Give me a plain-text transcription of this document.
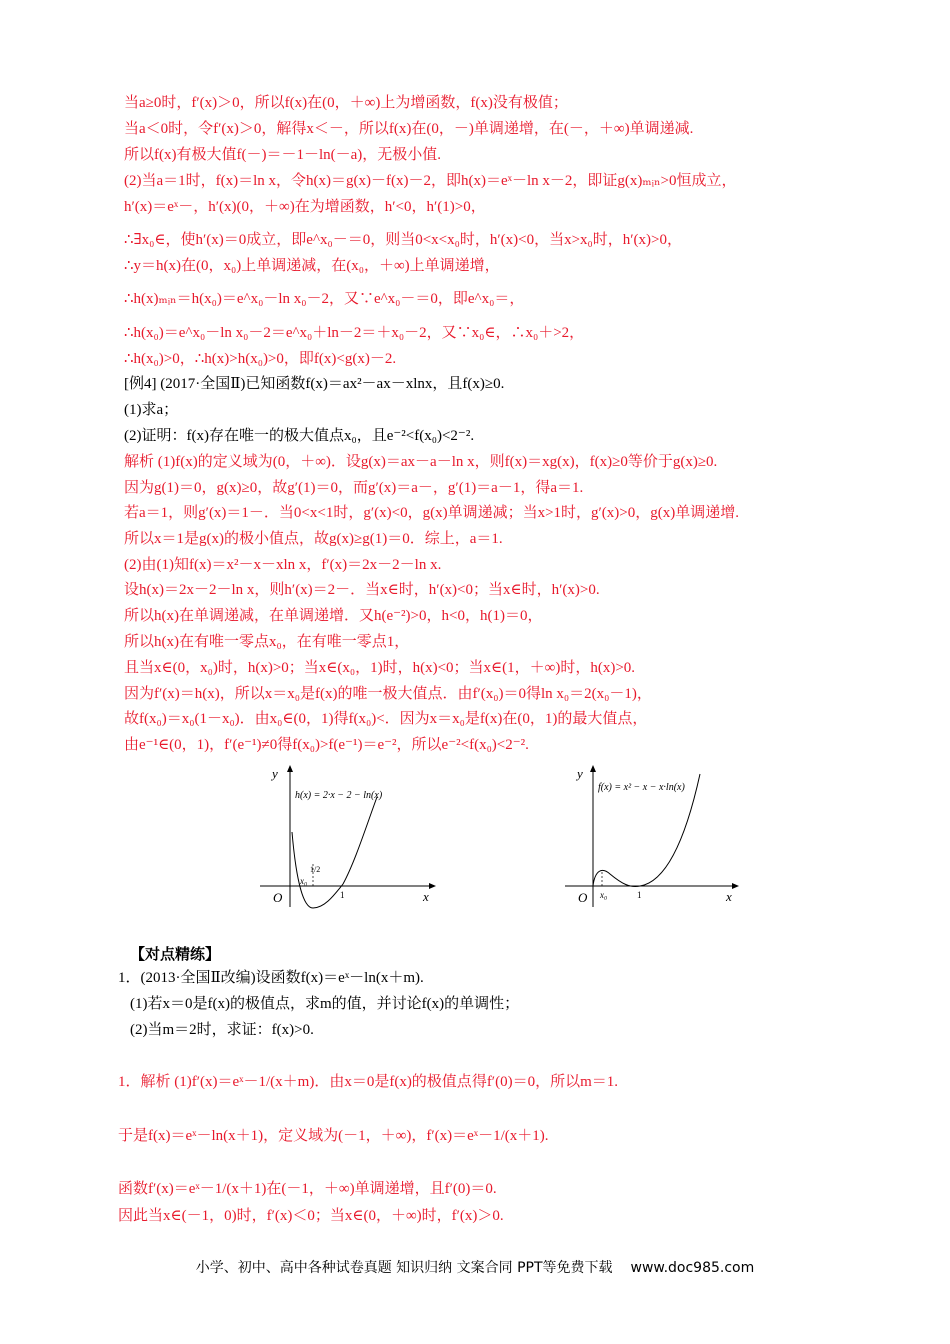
当a≥0时，f′(x)＞0，所以f(x)在(0，＋∞)上为增函数，f(x)没有极值；
当a＜0时，令f′(x)＞0，解得x＜－，所以f(x)在(0，－)单调递增，在(－，＋∞)单调递减.
所以f(x)有极大值f(－)＝－1－ln(－a)，无极小值.
(2)当a＝1时，f(x)＝ln x，令h(x)＝g(x)－f(x)－2，即h(x)＝eˣ－ln x－2，即证g(x)ₘᵢₙ>0恒成立，
h′(x)＝eˣ－，h′(x)(0，＋∞)在为增函数，h′<0，h′(1)>0，
∴∃x₀∈，使h′(x)＝0成立，即e^x₀－＝0，则当0<x<x₀时，h′(x)<0，当x>x₀时，h′(x)>0，
∴y＝h(x)在(0，x₀)上单调递减，在(x₀，＋∞)上单调递增，
∴h(x)ₘᵢₙ＝h(x₀)＝e^x₀－ln x₀－2，又∵e^x₀－＝0，即e^x₀＝，
∴h(x₀)＝e^x₀－ln x₀－2＝e^x₀＋ln－2＝＋x₀－2，又∵x₀∈，∴x₀＋>2，
∴h(x₀)>0，∴h(x)>h(x₀)>0，即f(x)<g(x)－2.
[例4] (2017·全国Ⅱ)已知函数f(x)＝ax²－ax－xlnx，且f(x)≥0.
(1)求a；
(2)证明：f(x)存在唯一的极大值点x₀，且e⁻²<f(x₀)<2⁻².
解析 (1)f(x)的定义域为(0，＋∞)．设g(x)＝ax－a－ln x，则f(x)＝xg(x)，f(x)≥0等价于g(x)≥0.
因为g(1)＝0，g(x)≥0，故g′(1)＝0，而g′(x)＝a－，g′(1)＝a－1，得a＝1.
若a＝1，则g′(x)＝1－．当0<x<1时，g′(x)<0，g(x)单调递减；当x>1时，g′(x)>0，g(x)单调递增.
所以x＝1是g(x)的极小值点，故g(x)≥g(1)＝0．综上，a＝1.
(2)由(1)知f(x)＝x²－x－xln x，f′(x)＝2x－2－ln x.
设h(x)＝2x－2－ln x，则h′(x)＝2－．当x∈时，h′(x)<0；当x∈时，h′(x)>0.
所以h(x)在单调递减，在单调递增．又h(e⁻²)>0，h<0，h(1)＝0，
所以h(x)在有唯一零点x₀，在有唯一零点1，
且当x∈(0，x₀)时，h(x)>0；当x∈(x₀，1)时，h(x)<0；当x∈(1，＋∞)时，h(x)>0.
因为f′(x)＝h(x)，所以x＝x₀是f(x)的唯一极大值点．由f′(x₀)＝0得ln x₀＝2(x₀－1)，
故f(x₀)＝x₀(1－x₀)．由x₀∈(0，1)得f(x₀)<．因为x＝x₀是f(x)在(0，1)的最大值点，
由e⁻¹∈(0，1)，f′(e⁻¹)≠0得f(x₀)>f(e⁻¹)＝e⁻²，所以e⁻²<f(x₀)<2⁻².
【对点精练】
1．(2013·全国Ⅱ改编)设函数f(x)＝eˣ－ln(x＋m).
(1)若x＝0是f(x)的极值点，求m的值，并讨论f(x)的单调性；
(2)当m＝2时，求证：f(x)>0.
1．解析 (1)f′(x)＝eˣ－1/(x＋m)．由x＝0是f(x)的极值点得f′(0)＝0，所以m＝1.
于是f(x)＝eˣ－ln(x＋1)，定义域为(－1，＋∞)，f′(x)＝eˣ－1/(x＋1).
函数f′(x)＝eˣ－1/(x＋1)在(－1，＋∞)单调递增，且f′(0)＝0.
因此当x∈(－1，0)时，f′(x)＜0；当x∈(0，＋∞)时，f′(x)＞0.
y
x
O
h(x) = 2·x − 2 − ln(x)
x₀
1/2
1
y
x
O
f(x) = x² − x − x·ln(x)
x₀	1
小学、初中、高中各种试卷真题 知识归纳 文案合同 PPT等免费下载 www.doc985.com
